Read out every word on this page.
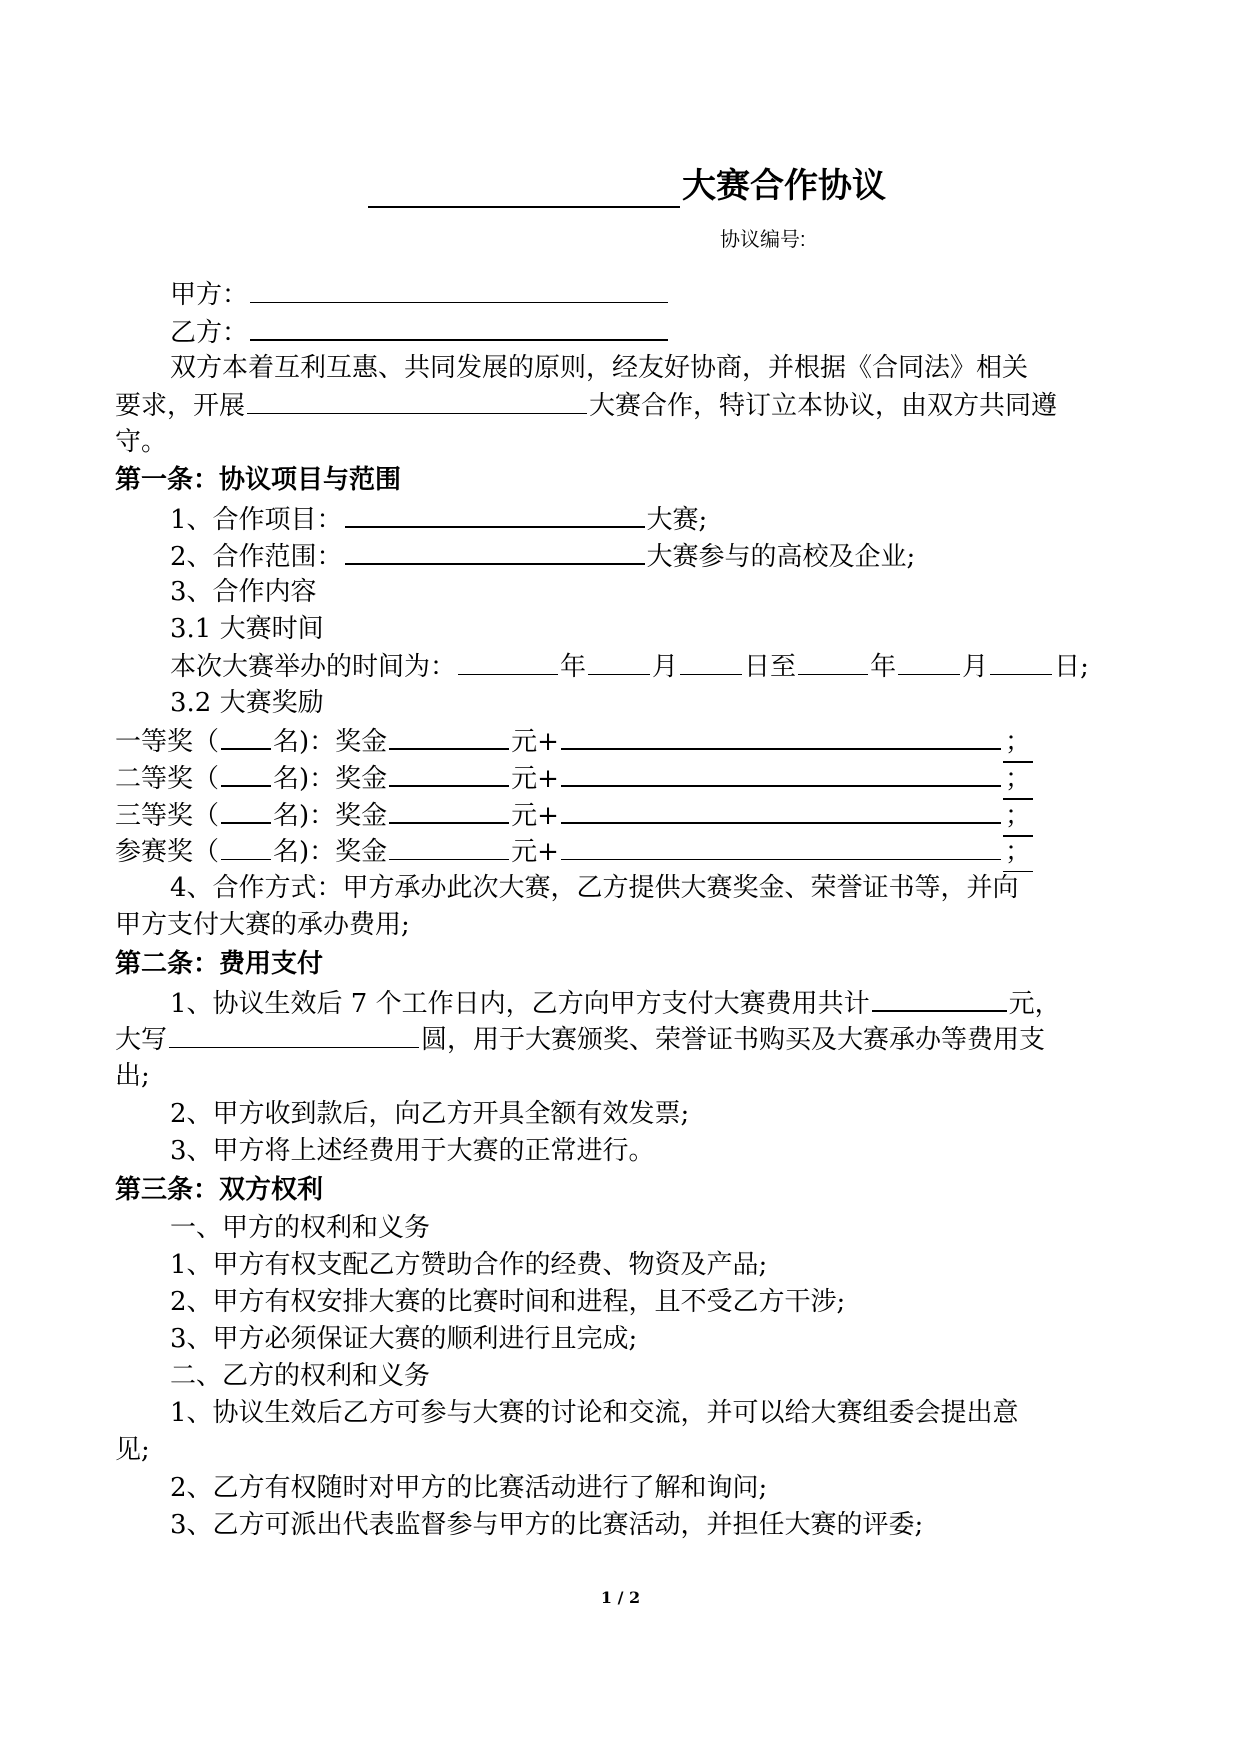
大赛合作协议
协议编号:
甲方：
乙方：
双方本着互利互惠、共同发展的原则，经友好协商，并根据《合同法》相关
要求，开展	大赛合作，特订立本协议，由双方共同遵
守。
第一条：协议项目与范围
1、合作项目：	大赛;
2、合作范围：	大赛参与的高校及企业;
3、合作内容
3.1 大赛时间
本次大赛举办的时间为：	年	月	日至	年	月	日;
3.2 大赛奖励
一等奖（ 名)：奖金	元+	；
二等奖（ 名)：奖金	元+	；
三等奖（ 名)：奖金	元+	；
参赛奖（ 名)：奖金	元+	；
4、合作方式：甲方承办此次大赛，乙方提供大赛奖金、荣誉证书等，并向
甲方支付大赛的承办费用;
第二条：费用支付
1、协议生效后 7 个工作日内，乙方向甲方支付大赛费用共计	元，
大写	圆，用于大赛颁奖、荣誉证书购买及大赛承办等费用支
出;
2、甲方收到款后，向乙方开具全额有效发票;
3、甲方将上述经费用于大赛的正常进行。
第三条：双方权利
一、甲方的权利和义务
1、甲方有权支配乙方赞助合作的经费、物资及产品;
2、甲方有权安排大赛的比赛时间和进程，且不受乙方干涉;
3、甲方必须保证大赛的顺利进行且完成;
二、乙方的权利和义务
1、协议生效后乙方可参与大赛的讨论和交流，并可以给大赛组委会提出意
见;
2、乙方有权随时对甲方的比赛活动进行了解和询问;
3、乙方可派出代表监督参与甲方的比赛活动，并担任大赛的评委;
1 / 2
